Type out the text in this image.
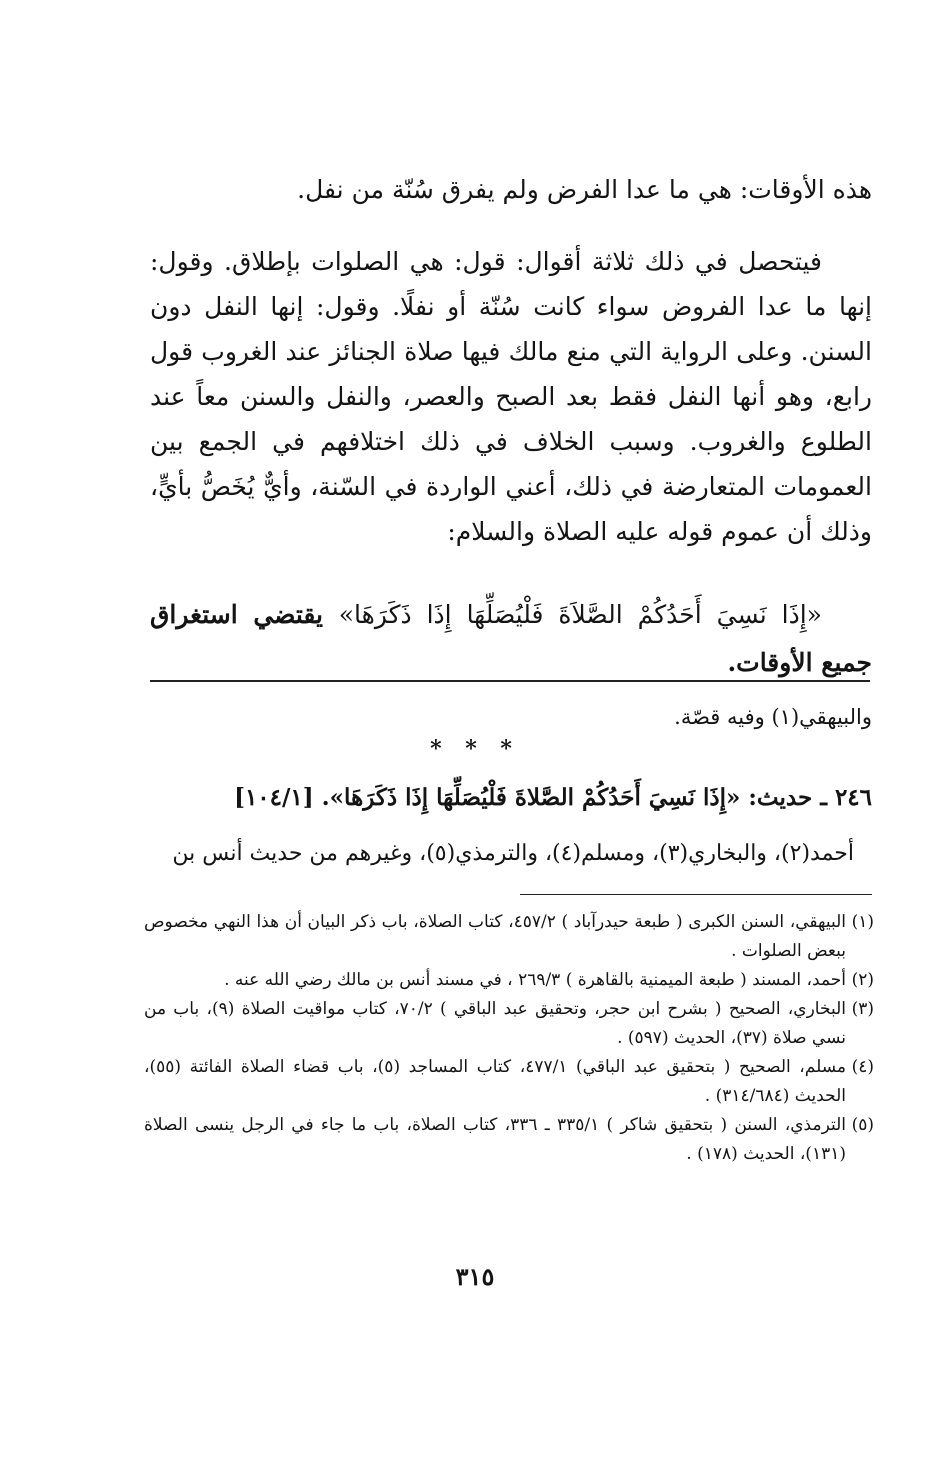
هذه الأوقات: هي ما عدا الفرض ولم يفرق سُنّة من نفل.

فيتحصل في ذلك ثلاثة أقوال: قول: هي الصلوات بإطلاق. وقول: إنها ما عدا الفروض سواء كانت سُنّة أو نفلًا. وقول: إنها النفل دون السنن. وعلى الرواية التي منع مالك فيها صلاة الجنائز عند الغروب قول رابع، وهو أنها النفل فقط بعد الصبح والعصر، والنفل والسنن معاً عند الطلوع والغروب. وسبب الخلاف في ذلك اختلافهم في الجمع بين العمومات المتعارضة في ذلك، أعني الواردة في السّنة، وأيٌّ يُخَصُّ بأيٍّ، وذلك أن عموم قوله عليه الصلاة والسلام:

«إِذَا نَسِيَ أَحَدُكُمْ الصَّلاَةَ فَلْيُصَلِّهَا إِذَا ذَكَرَهَا» يقتضي استغراق جميع الأوقات.

والبيهقي(١) وفيه قصّة.
* * *
٢٤٦ ـ حديث: «إِذَا نَسِيَ أَحَدُكُمْ الصَّلاةَ فَلْيُصَلِّهَا إِذَا ذَكَرَهَا». [١٠٤/١]
أحمد(٢)، والبخاري(٣)، ومسلم(٤)، والترمذي(٥)، وغيرهم من حديث أنس بن
(١)
البيهقي، السنن الكبرى ( طبعة حيدرآباد ) ٤٥٧/٢، كتاب الصلاة، باب ذكر البيان أن هذا النهي مخصوص ببعض الصلوات .
(٢)
أحمد، المسند ( طبعة الميمنية بالقاهرة ) ٢٦٩/٣ ، في مسند أنس بن مالك رضي الله عنه .
(٣)
البخاري، الصحيح ( بشرح ابن حجر، وتحقيق عبد الباقي ) ٧٠/٢، كتاب مواقيت الصلاة (٩)، باب من نسي صلاة (٣٧)، الحديث (٥٩٧) .
(٤)
مسلم، الصحيح ( بتحقيق عبد الباقي) ٤٧٧/١، كتاب المساجد (٥)، باب قضاء الصلاة الفائتة (٥٥)، الحديث (٣١٤/٦٨٤) .
(٥)
الترمذي، السنن ( بتحقيق شاكر ) ٣٣٥/١ ـ ٣٣٦، كتاب الصلاة، باب ما جاء في الرجل ينسى الصلاة (١٣١)، الحديث (١٧٨) .
٣١٥
